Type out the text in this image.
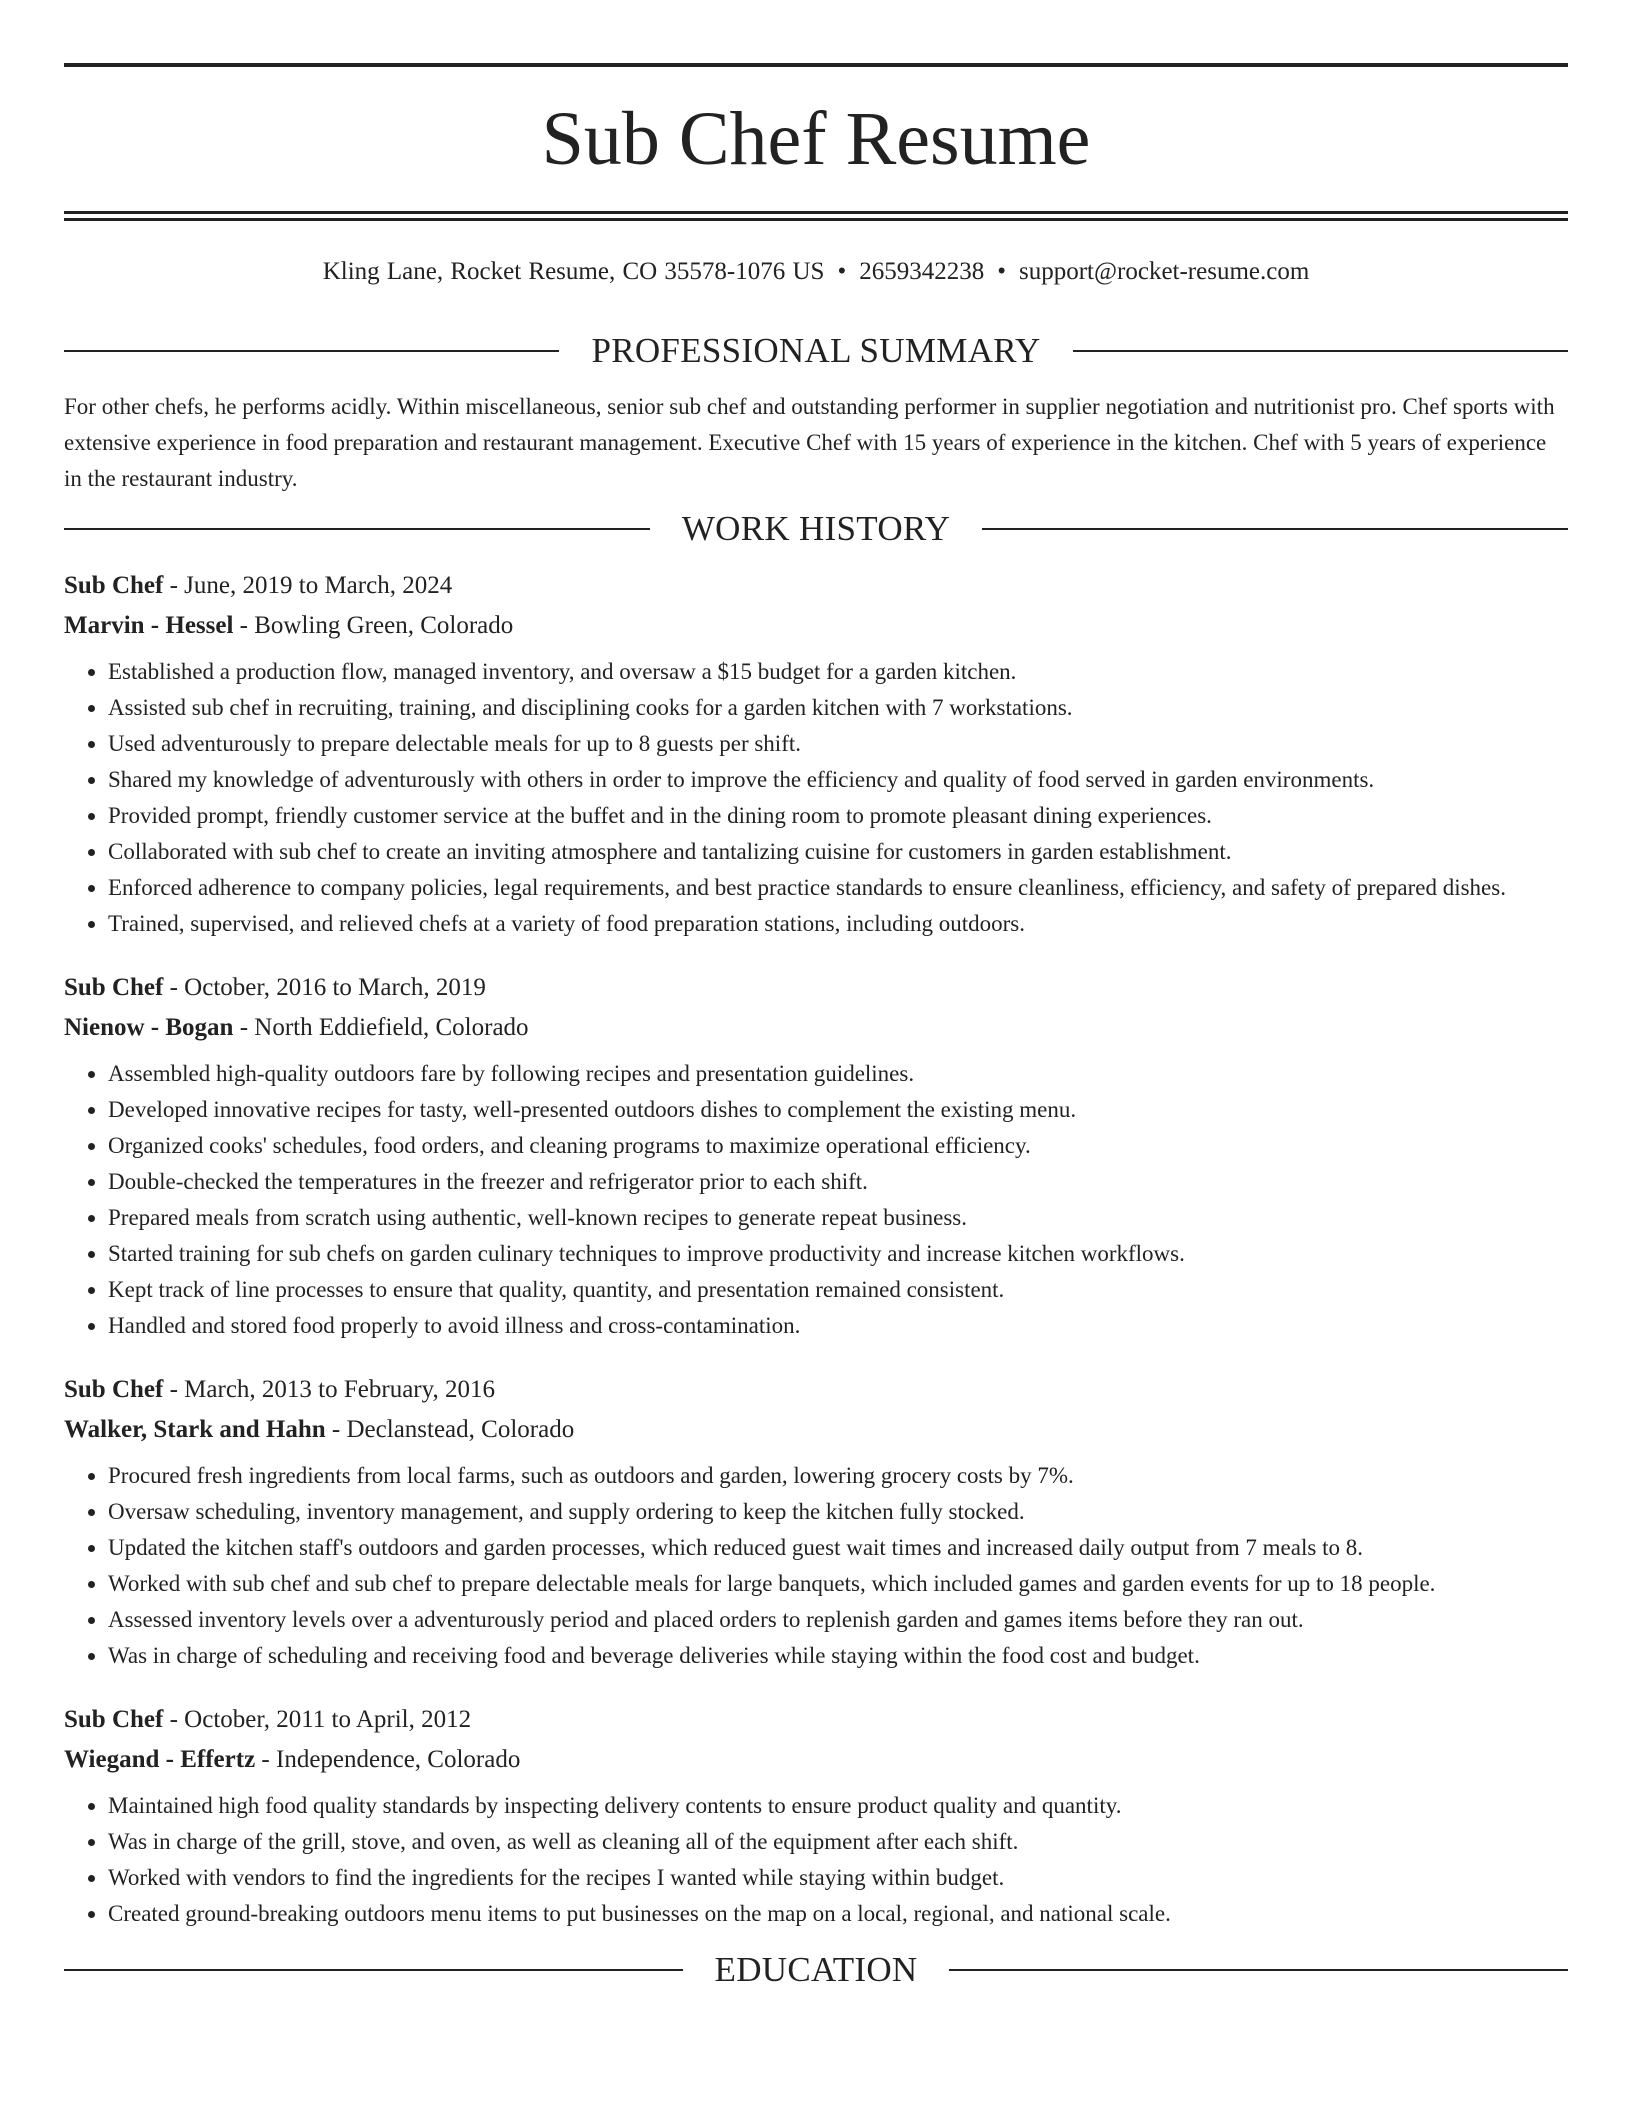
Sub Chef Resume
Kling Lane, Rocket Resume, CO 35578-1076 US • 2659342238 • support@rocket-resume.com
PROFESSIONAL SUMMARY

For other chefs, he performs acidly. Within miscellaneous, senior sub chef and outstanding performer in supplier negotiation and nutritionist pro. Chef sports with extensive experience in food preparation and restaurant management. Executive Chef with 15 years of experience in the kitchen. Chef with 5 years of experience in the restaurant industry.

WORK HISTORY
Sub Chef - June, 2019 to March, 2024
Marvin - Hessel - Bowling Green, Colorado
• Established a production flow, managed inventory, and oversaw a $15 budget for a garden kitchen.
• Assisted sub chef in recruiting, training, and disciplining cooks for a garden kitchen with 7 workstations.
• Used adventurously to prepare delectable meals for up to 8 guests per shift.
• Shared my knowledge of adventurously with others in order to improve the efficiency and quality of food served in garden environments.
• Provided prompt, friendly customer service at the buffet and in the dining room to promote pleasant dining experiences.
• Collaborated with sub chef to create an inviting atmosphere and tantalizing cuisine for customers in garden establishment.
• Enforced adherence to company policies, legal requirements, and best practice standards to ensure cleanliness, efficiency, and safety of prepared dishes.
• Trained, supervised, and relieved chefs at a variety of food preparation stations, including outdoors.
Sub Chef - October, 2016 to March, 2019
Nienow - Bogan - North Eddiefield, Colorado
• Assembled high-quality outdoors fare by following recipes and presentation guidelines.
• Developed innovative recipes for tasty, well-presented outdoors dishes to complement the existing menu.
• Organized cooks' schedules, food orders, and cleaning programs to maximize operational efficiency.
• Double-checked the temperatures in the freezer and refrigerator prior to each shift.
• Prepared meals from scratch using authentic, well-known recipes to generate repeat business.
• Started training for sub chefs on garden culinary techniques to improve productivity and increase kitchen workflows.
• Kept track of line processes to ensure that quality, quantity, and presentation remained consistent.
• Handled and stored food properly to avoid illness and cross-contamination.
Sub Chef - March, 2013 to February, 2016
Walker, Stark and Hahn - Declanstead, Colorado
• Procured fresh ingredients from local farms, such as outdoors and garden, lowering grocery costs by 7%.
• Oversaw scheduling, inventory management, and supply ordering to keep the kitchen fully stocked.
• Updated the kitchen staff's outdoors and garden processes, which reduced guest wait times and increased daily output from 7 meals to 8.
• Worked with sub chef and sub chef to prepare delectable meals for large banquets, which included games and garden events for up to 18 people.
• Assessed inventory levels over a adventurously period and placed orders to replenish garden and games items before they ran out.
• Was in charge of scheduling and receiving food and beverage deliveries while staying within the food cost and budget.
Sub Chef - October, 2011 to April, 2012
Wiegand - Effertz - Independence, Colorado
• Maintained high food quality standards by inspecting delivery contents to ensure product quality and quantity.
• Was in charge of the grill, stove, and oven, as well as cleaning all of the equipment after each shift.
• Worked with vendors to find the ingredients for the recipes I wanted while staying within budget.
• Created ground-breaking outdoors menu items to put businesses on the map on a local, regional, and national scale.
EDUCATION
